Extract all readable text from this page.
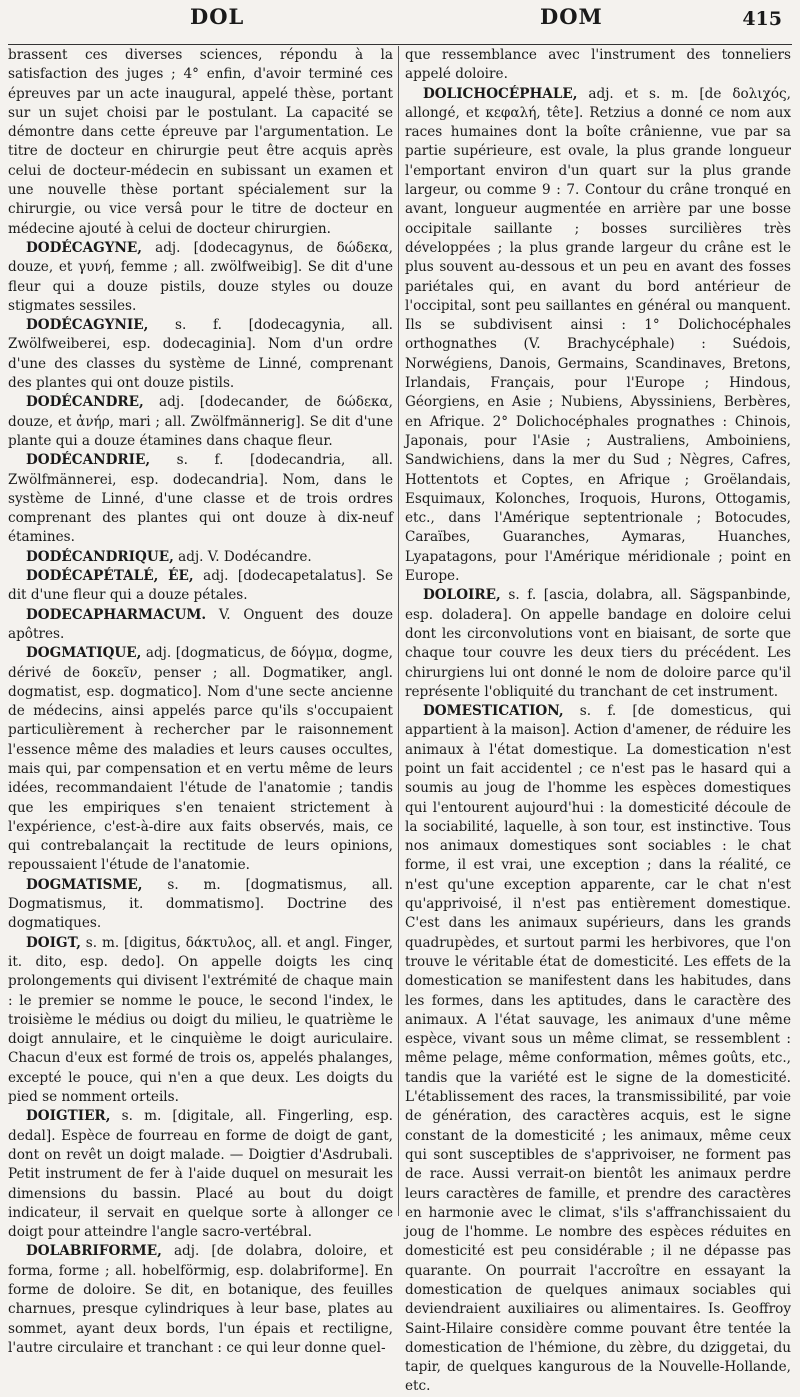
DOL	DOM	415

brassent ces diverses sciences, répondu à la satisfaction des juges ; 4° enfin, d'avoir terminé ces épreuves par un acte inaugural, appelé thèse, portant sur un sujet choisi par le postulant. La capacité se démontre dans cette épreuve par l'argumentation. Le titre de docteur en chirurgie peut être acquis après celui de docteur-médecin en subissant un examen et une nouvelle thèse portant spécialement sur la chirurgie, ou vice versâ pour le titre de docteur en médecine ajouté à celui de docteur chirurgien.

DODÉCAGYNE, adj. [dodecagynus, de δώδεκα, douze, et γυνή, femme ; all. zwölfweibig]. Se dit d'une fleur qui a douze pistils, douze styles ou douze stigmates sessiles.

DODÉCAGYNIE, s. f. [dodecagynia, all. Zwölfweiberei, esp. dodecaginia]. Nom d'un ordre d'une des classes du système de Linné, comprenant des plantes qui ont douze pistils.

DODÉCANDRE, adj. [dodecander, de δώδεκα, douze, et ἀνήρ, mari ; all. Zwölfmännerig]. Se dit d'une plante qui a douze étamines dans chaque fleur.

DODÉCANDRIE, s. f. [dodecandria, all. Zwölfmännerei, esp. dodecandria]. Nom, dans le système de Linné, d'une classe et de trois ordres comprenant des plantes qui ont douze à dix-neuf étamines.

DODÉCANDRIQUE, adj. V. Dodécandre.

DODÉCAPÉTALÉ, ÉE, adj. [dodecapetalatus]. Se dit d'une fleur qui a douze pétales.

DODECAPHARMACUM. V. Onguent des douze apôtres.

DOGMATIQUE, adj. [dogmaticus, de δόγμα, dogme, dérivé de δοκεῖν, penser ; all. Dogmatiker, angl. dogmatist, esp. dogmatico]. Nom d'une secte ancienne de médecins, ainsi appelés parce qu'ils s'occupaient particulièrement à rechercher par le raisonnement l'essence même des maladies et leurs causes occultes, mais qui, par compensation et en vertu même de leurs idées, recommandaient l'étude de l'anatomie ; tandis que les empiriques s'en tenaient strictement à l'expérience, c'est-à-dire aux faits observés, mais, ce qui contrebalançait la rectitude de leurs opinions, repoussaient l'étude de l'anatomie.

DOGMATISME, s. m. [dogmatismus, all. Dogmatismus, it. dommatismo]. Doctrine des dogmatiques.

DOIGT, s. m. [digitus, δάκτυλος, all. et angl. Finger, it. dito, esp. dedo]. On appelle doigts les cinq prolongements qui divisent l'extrémité de chaque main : le premier se nomme le pouce, le second l'index, le troisième le médius ou doigt du milieu, le quatrième le doigt annulaire, et le cinquième le doigt auriculaire. Chacun d'eux est formé de trois os, appelés phalanges, excepté le pouce, qui n'en a que deux. Les doigts du pied se nomment orteils.

DOIGTIER, s. m. [digitale, all. Fingerling, esp. dedal]. Espèce de fourreau en forme de doigt de gant, dont on revêt un doigt malade. — Doigtier d'Asdrubali. Petit instrument de fer à l'aide duquel on mesurait les dimensions du bassin. Placé au bout du doigt indicateur, il servait en quelque sorte à allonger ce doigt pour atteindre l'angle sacro-vertébral.

DOLABRIFORME, adj. [de dolabra, doloire, et forma, forme ; all. hobelförmig, esp. dolabriforme]. En forme de doloire. Se dit, en botanique, des feuilles charnues, presque cylindriques à leur base, plates au sommet, ayant deux bords, l'un épais et rectiligne, l'autre circulaire et tranchant : ce qui leur donne quel-

que ressemblance avec l'instrument des tonneliers appelé doloire.

DOLICHOCÉPHALE, adj. et s. m. [de δολιχός, allongé, et κεφαλή, tête]. Retzius a donné ce nom aux races humaines dont la boîte crânienne, vue par sa partie supérieure, est ovale, la plus grande longueur l'emportant environ d'un quart sur la plus grande largeur, ou comme 9 : 7. Contour du crâne tronqué en avant, longueur augmentée en arrière par une bosse occipitale saillante ; bosses surcilières très développées ; la plus grande largeur du crâne est le plus souvent au-dessous et un peu en avant des fosses pariétales qui, en avant du bord antérieur de l'occipital, sont peu saillantes en général ou manquent. Ils se subdivisent ainsi : 1° Dolichocéphales orthognathes (V. Brachycéphale) : Suédois, Norwégiens, Danois, Germains, Scandinaves, Bretons, Irlandais, Français, pour l'Europe ; Hindous, Géorgiens, en Asie ; Nubiens, Abyssiniens, Berbères, en Afrique. 2° Dolichocéphales prognathes : Chinois, Japonais, pour l'Asie ; Australiens, Amboiniens, Sandwichiens, dans la mer du Sud ; Nègres, Cafres, Hottentots et Coptes, en Afrique ; Groëlandais, Esquimaux, Kolonches, Iroquois, Hurons, Ottogamis, etc., dans l'Amérique septentrionale ; Botocudes, Caraïbes, Guaranches, Aymaras, Huanches, Lyapatagons, pour l'Amérique méridionale ; point en Europe.

DOLOIRE, s. f. [ascia, dolabra, all. Sägspanbinde, esp. doladera]. On appelle bandage en doloire celui dont les circonvolutions vont en biaisant, de sorte que chaque tour couvre les deux tiers du précédent. Les chirurgiens lui ont donné le nom de doloire parce qu'il représente l'obliquité du tranchant de cet instrument.

DOMESTICATION, s. f. [de domesticus, qui appartient à la maison]. Action d'amener, de réduire les animaux à l'état domestique. La domestication n'est point un fait accidentel ; ce n'est pas le hasard qui a soumis au joug de l'homme les espèces domestiques qui l'entourent aujourd'hui : la domesticité découle de la sociabilité, laquelle, à son tour, est instinctive. Tous nos animaux domestiques sont sociables : le chat forme, il est vrai, une exception ; dans la réalité, ce n'est qu'une exception apparente, car le chat n'est qu'apprivoisé, il n'est pas entièrement domestique. C'est dans les animaux supérieurs, dans les grands quadrupèdes, et surtout parmi les herbivores, que l'on trouve le véritable état de domesticité. Les effets de la domestication se manifestent dans les habitudes, dans les formes, dans les aptitudes, dans le caractère des animaux. A l'état sauvage, les animaux d'une même espèce, vivant sous un même climat, se ressemblent : même pelage, même conformation, mêmes goûts, etc., tandis que la variété est le signe de la domesticité. L'établissement des races, la transmissibilité, par voie de génération, des caractères acquis, est le signe constant de la domesticité ; les animaux, même ceux qui sont susceptibles de s'apprivoiser, ne forment pas de race. Aussi verrait-on bientôt les animaux perdre leurs caractères de famille, et prendre des caractères en harmonie avec le climat, s'ils s'affranchissaient du joug de l'homme. Le nombre des espèces réduites en domesticité est peu considérable ; il ne dépasse pas quarante. On pourrait l'accroître en essayant la domestication de quelques animaux sociables qui deviendraient auxiliaires ou alimentaires. Is. Geoffroy Saint-Hilaire considère comme pouvant être tentée la domestication de l'hémione, du zèbre, du dziggetai, du tapir, de quelques kangurous de la Nouvelle-Hollande, etc.
